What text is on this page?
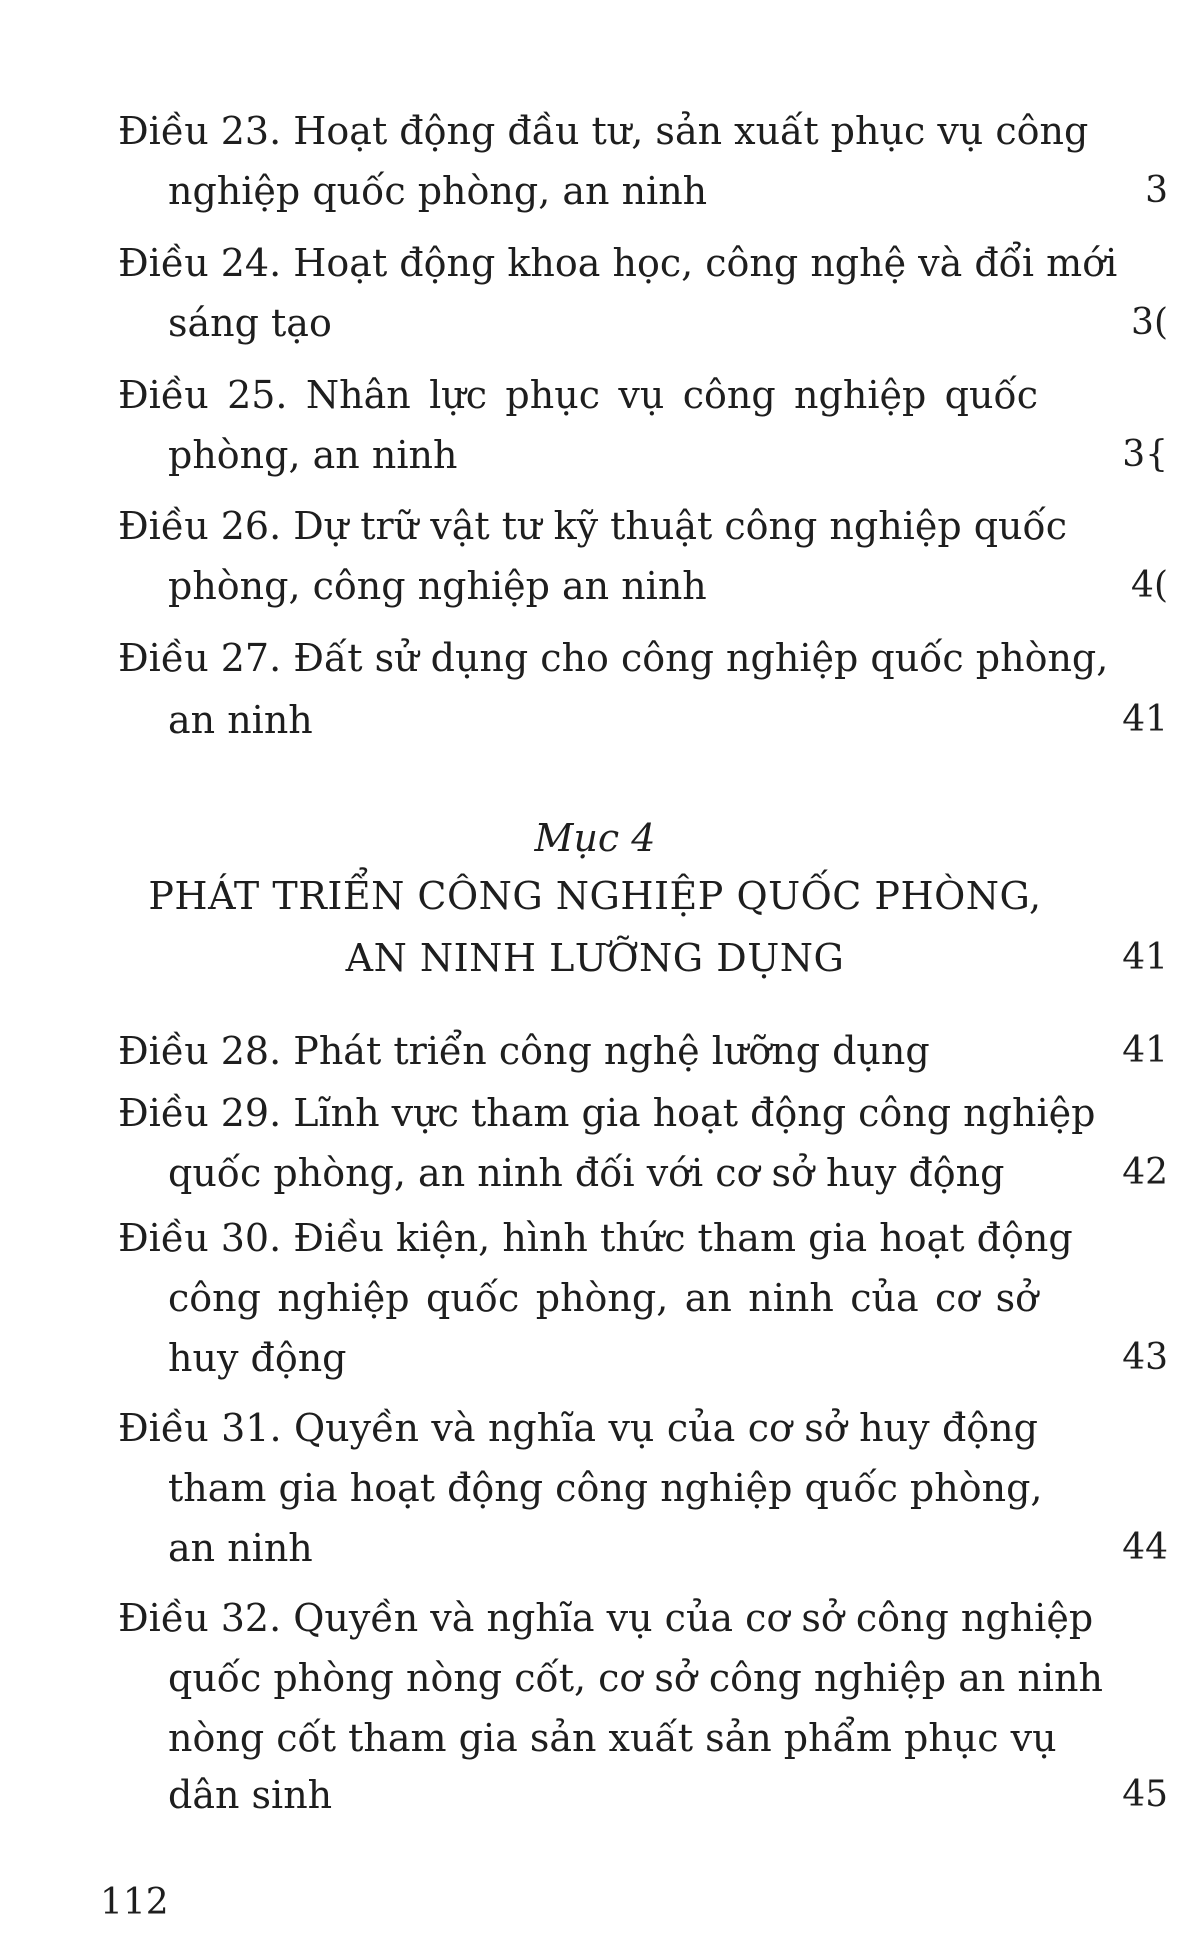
Điều 23. Hoạt động đầu tư, sản xuất phục vụ công
nghiệp quốc phòng, an ninh	3
Điều 24. Hoạt động khoa học, công nghệ và đổi mới
sáng tạo	3(
Điều 25. Nhân lực phục vụ công nghiệp quốc
phòng, an ninh	3{
Điều 26. Dự trữ vật tư kỹ thuật công nghiệp quốc
phòng, công nghiệp an ninh	4(
Điều 27. Đất sử dụng cho công nghiệp quốc phòng,
an ninh	41
Mục 4
PHÁT TRIỂN CÔNG NGHIỆP QUỐC PHÒNG,
AN NINH LƯỠNG DỤNG	41
Điều 28. Phát triển công nghệ lưỡng dụng	41
Điều 29. Lĩnh vực tham gia hoạt động công nghiệp
quốc phòng, an ninh đối với cơ sở huy động	42
Điều 30. Điều kiện, hình thức tham gia hoạt động
công nghiệp quốc phòng, an ninh của cơ sở
huy động	43
Điều 31. Quyền và nghĩa vụ của cơ sở huy động
tham gia hoạt động công nghiệp quốc phòng,
an ninh	44
Điều 32. Quyền và nghĩa vụ của cơ sở công nghiệp
quốc phòng nòng cốt, cơ sở công nghiệp an ninh
nòng cốt tham gia sản xuất sản phẩm phục vụ
dân sinh	45
112
